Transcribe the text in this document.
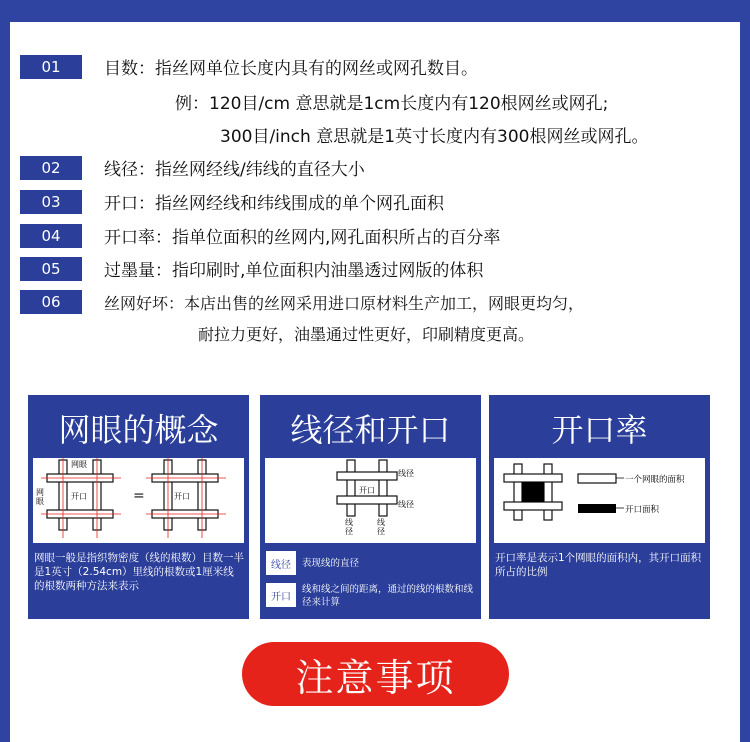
01	目数：指丝网单位长度内具有的网丝或网孔数目。
例：120目/cm 意思就是1cm长度内有120根网丝或网孔;
300目/inch 意思就是1英寸长度内有300根网丝或网孔。
02	线径：指丝网经线/纬线的直径大小
03	开口：指丝网经线和纬线围成的单个网孔面积
04	开口率：指单位面积的丝网内,网孔面积所占的百分率
05	过墨量：指印刷时,单位面积内油墨透过网版的体积
06	丝网好坏：本店出售的丝网采用进口原材料生产加工，网眼更均匀，
耐拉力更好，油墨通过性更好，印刷精度更高。
网眼的概念
=
网眼
网眼
开口	开口
网眼一般是指织物密度（线的根数）目数一半是1英寸（2.54cm）里线的根数或1厘米线的根数两种方法来表示
线径和开口
线径
线径
开口
线径
线径
线径	表现线的直径
开口
线和线之间的距离，通过的线的根数和线径来计算
开口率
一个网眼的面积
开口面积
开口率是表示1个网眼的面积内，其开口面积所占的比例
注意事项
